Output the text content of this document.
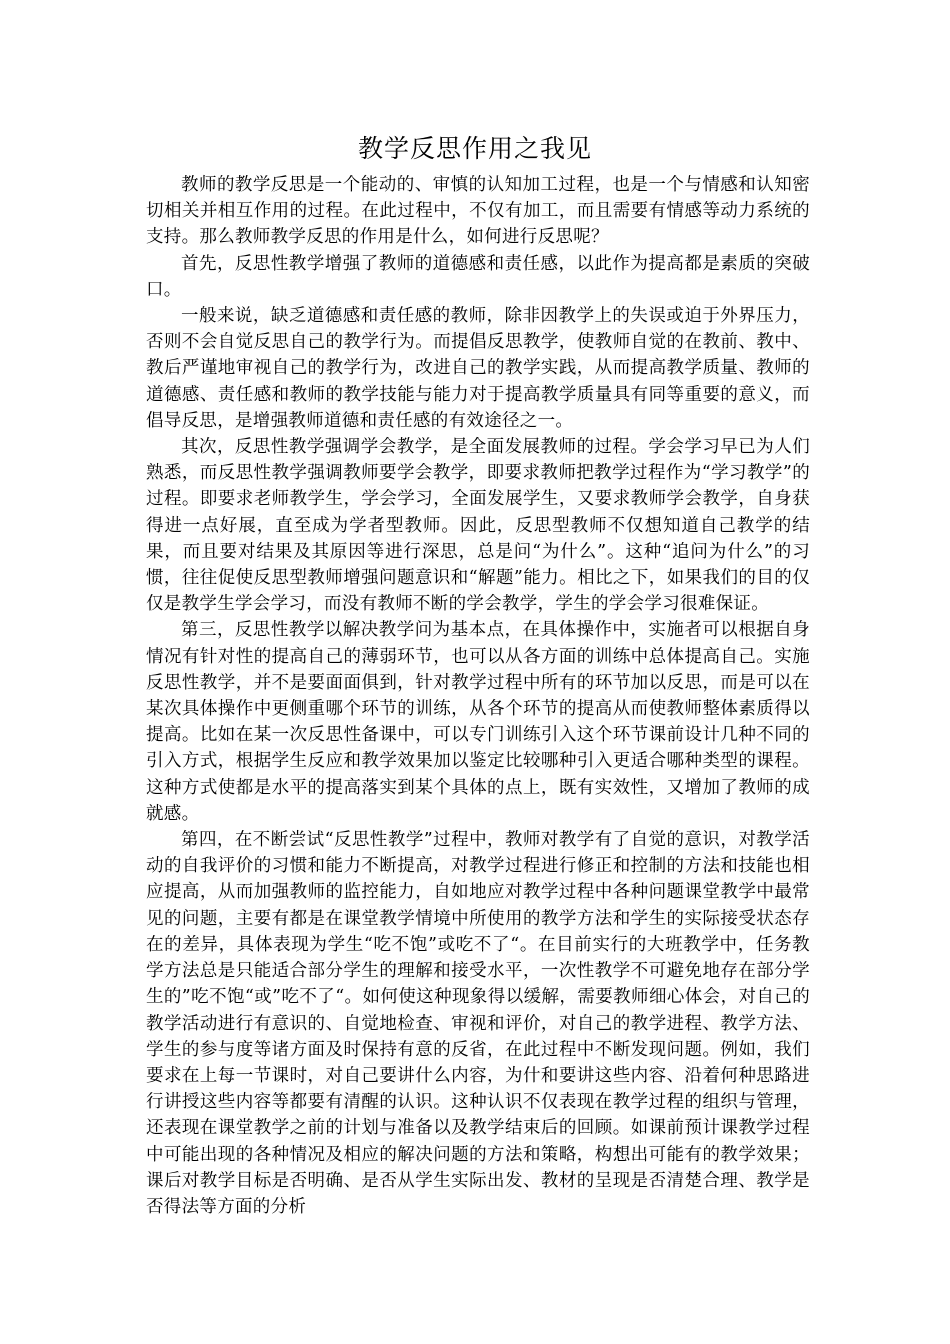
教学反思作用之我见

教师的教学反思是一个能动的、审慎的认知加工过程，也是一个与情感和认知密切相关并相互作用的过程。在此过程中，不仅有加工，而且需要有情感等动力系统的支持。那么教师教学反思的作用是什么，如何进行反思呢？

首先，反思性教学增强了教师的道德感和责任感，以此作为提高都是素质的突破口。

一般来说，缺乏道德感和责任感的教师，除非因教学上的失误或迫于外界压力，否则不会自觉反思自己的教学行为。而提倡反思教学，使教师自觉的在教前、教中、教后严谨地审视自己的教学行为，改进自己的教学实践，从而提高教学质量、教师的道德感、责任感和教师的教学技能与能力对于提高教学质量具有同等重要的意义，而倡导反思，是增强教师道德和责任感的有效途径之一。

其次，反思性教学强调学会教学，是全面发展教师的过程。学会学习早已为人们熟悉，而反思性教学强调教师要学会教学，即要求教师把教学过程作为“学习教学”的过程。即要求老师教学生，学会学习，全面发展学生，又要求教师学会教学，自身获得进一点好展，直至成为学者型教师。因此，反思型教师不仅想知道自己教学的结果，而且要对结果及其原因等进行深思，总是问“为什么”。这种“追问为什么”的习惯，往往促使反思型教师增强问题意识和“解题”能力。相比之下，如果我们的目的仅仅是教学生学会学习，而没有教师不断的学会教学，学生的学会学习很难保证。

第三，反思性教学以解决教学问为基本点，在具体操作中，实施者可以根据自身情况有针对性的提高自己的薄弱环节，也可以从各方面的训练中总体提高自己。实施反思性教学，并不是要面面俱到，针对教学过程中所有的环节加以反思，而是可以在某次具体操作中更侧重哪个环节的训练，从各个环节的提高从而使教师整体素质得以提高。比如在某一次反思性备课中，可以专门训练引入这个环节课前设计几种不同的引入方式，根据学生反应和教学效果加以鉴定比较哪种引入更适合哪种类型的课程。这种方式使都是水平的提高落实到某个具体的点上，既有实效性，又增加了教师的成就感。

第四，在不断尝试“反思性教学”过程中，教师对教学有了自觉的意识，对教学活动的自我评价的习惯和能力不断提高，对教学过程进行修正和控制的方法和技能也相应提高，从而加强教师的监控能力，自如地应对教学过程中各种问题课堂教学中最常见的问题，主要有都是在课堂教学情境中所使用的教学方法和学生的实际接受状态存在的差异，具体表现为学生“吃不饱”或吃不了“。在目前实行的大班教学中，任务教学方法总是只能适合部分学生的理解和接受水平，一次性教学不可避免地存在部分学生的”吃不饱“或”吃不了“。如何使这种现象得以缓解，需要教师细心体会，对自己的教学活动进行有意识的、自觉地检查、审视和评价，对自己的教学进程、教学方法、学生的参与度等诸方面及时保持有意的反省，在此过程中不断发现问题。例如，我们要求在上每一节课时，对自己要讲什么内容，为什和要讲这些内容、沿着何种思路进行讲授这些内容等都要有清醒的认识。这种认识不仅表现在教学过程的组织与管理，还表现在课堂教学之前的计划与准备以及教学结束后的回顾。如课前预计课教学过程中可能出现的各种情况及相应的解决问题的方法和策略，构想出可能有的教学效果；课后对教学目标是否明确、是否从学生实际出发、教材的呈现是否清楚合理、教学是否得法等方面的分析
